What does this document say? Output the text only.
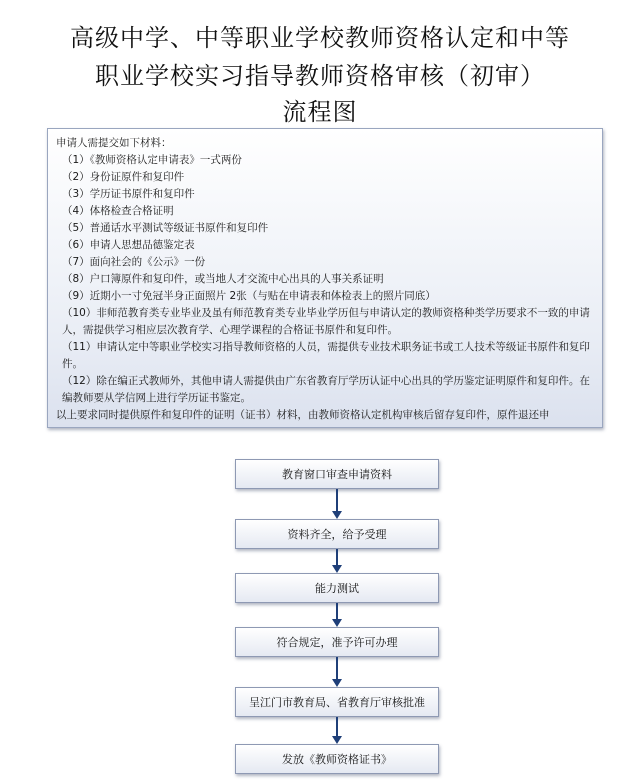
高级中学、中等职业学校教师资格认定和中等
职业学校实习指导教师资格审核（初审）
流程图
申请人需提交如下材料：
（1）《教师资格认定申请表》一式两份
（2）身份证原件和复印件
（3）学历证书原件和复印件
（4）体格检查合格证明
（5）普通话水平测试等级证书原件和复印件
（6）申请人思想品德鉴定表
（7）面向社会的《公示》一份
（8）户口簿原件和复印件，或当地人才交流中心出具的人事关系证明
（9）近期小一寸免冠半身正面照片 2张（与贴在申请表和体检表上的照片同底）
（10）非师范教育类专业毕业及虽有师范教育类专业毕业学历但与申请认定的教师资格种类学历要求不一致的申请人，需提供学习相应层次教育学、心理学课程的合格证书原件和复印件。
（11）申请认定中等职业学校实习指导教师资格的人员，需提供专业技术职务证书或工人技术等级证书原件和复印件。
（12）除在编正式教师外，其他申请人需提供由广东省教育厅学历认证中心出具的学历鉴定证明原件和复印件。在编教师要从学信网上进行学历证书鉴定。
以上要求同时提供原件和复印件的证明（证书）材料，由教师资格认定机构审核后留存复印件，原件退还申
教育窗口审查申请资料
资料齐全，给予受理
能力测试
符合规定，准予许可办理
呈江门市教育局、省教育厅审核批准
发放《教师资格证书》
